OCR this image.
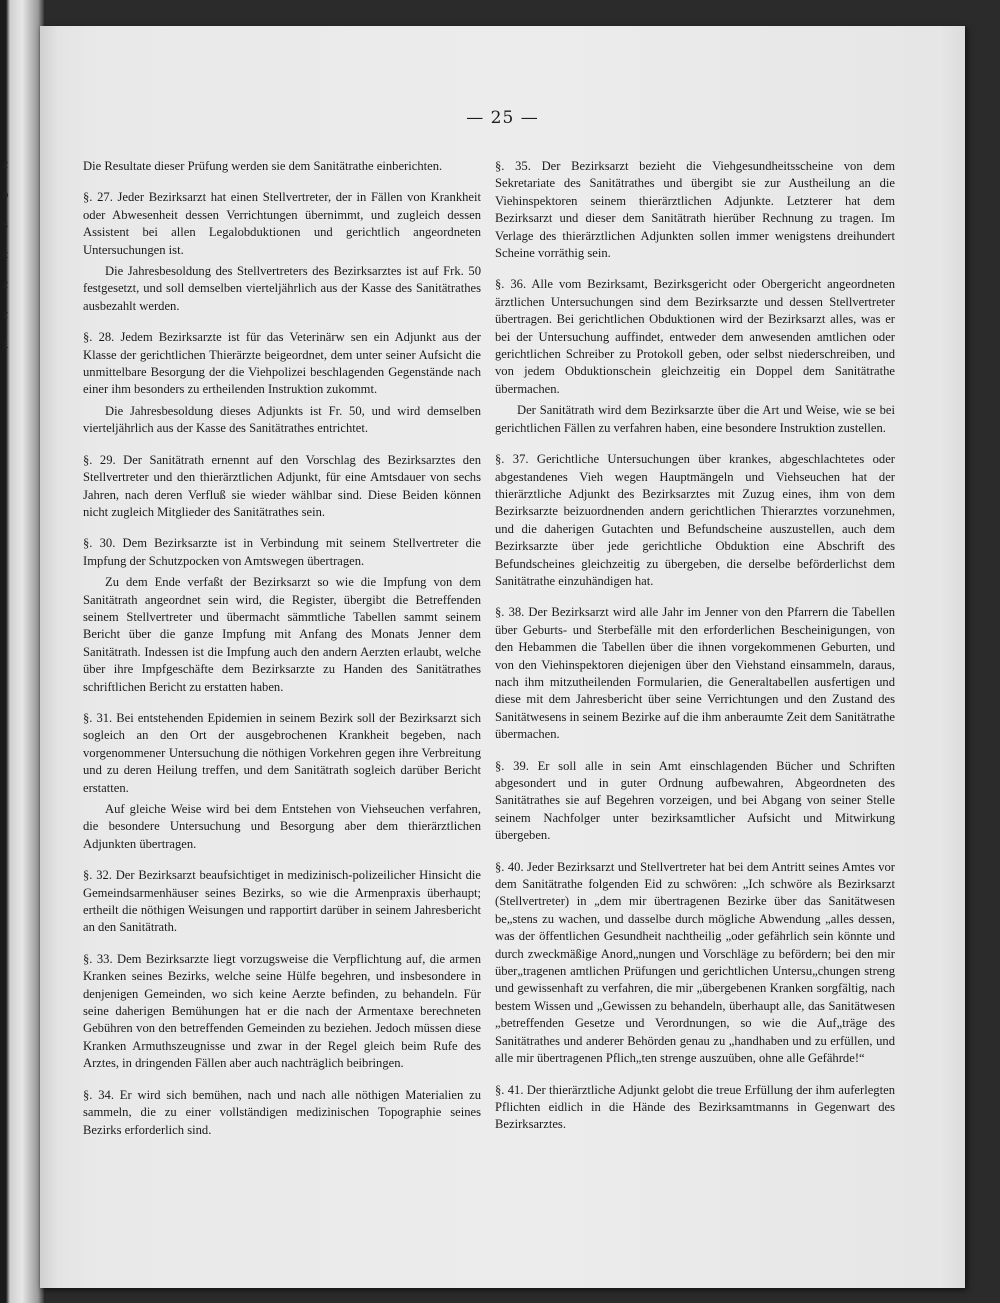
z
o
s
c
z
z
i
— 25 —

Die Resultate dieser Prüfung werden sie dem Sanitätrathe einberichten.

§. 27. Jeder Bezirksarzt hat einen Stellvertreter, der in Fällen von Krankheit oder Abwesenheit dessen Verrichtungen übernimmt, und zugleich dessen Assistent bei allen Legalobduktionen und gerichtlich angeordneten Untersuchungen ist.

Die Jahresbesoldung des Stellvertreters des Bezirksarztes ist auf Frk. 50 festgesetzt, und soll demselben vierteljährlich aus der Kasse des Sanitätrathes ausbezahlt werden.

§. 28. Jedem Bezirksarzte ist für das Veterinärw sen ein Adjunkt aus der Klasse der gerichtlichen Thierärzte beigeordnet, dem unter seiner Aufsicht die unmittelbare Besorgung der die Viehpolizei beschlagenden Gegenstände nach einer ihm besonders zu ertheilenden Instruktion zukommt.

Die Jahresbesoldung dieses Adjunkts ist Fr. 50, und wird demselben vierteljährlich aus der Kasse des Sanitätrathes entrichtet.

§. 29. Der Sanitätrath ernennt auf den Vorschlag des Bezirksarztes den Stellvertreter und den thierärztlichen Adjunkt, für eine Amtsdauer von sechs Jahren, nach deren Verfluß sie wieder wählbar sind. Diese Beiden können nicht zugleich Mitglieder des Sanitätrathes sein.

§. 30. Dem Bezirksarzte ist in Verbindung mit seinem Stellvertreter die Impfung der Schutzpocken von Amtswegen übertragen.

Zu dem Ende verfaßt der Bezirksarzt so wie die Impfung von dem Sanitätrath angeordnet sein wird, die Register, übergibt die Betreffenden seinem Stellvertreter und übermacht sämmtliche Tabellen sammt seinem Bericht über die ganze Impfung mit Anfang des Monats Jenner dem Sanitätrath. Indessen ist die Impfung auch den andern Aerzten erlaubt, welche über ihre Impfgeschäfte dem Bezirksarzte zu Handen des Sanitätrathes schriftlichen Bericht zu erstatten haben.

§. 31. Bei entstehenden Epidemien in seinem Bezirk soll der Bezirksarzt sich sogleich an den Ort der ausgebrochenen Krankheit begeben, nach vorgenommener Untersuchung die nöthigen Vorkehren gegen ihre Verbreitung und zu deren Heilung treffen, und dem Sanitätrath sogleich darüber Bericht erstatten.

Auf gleiche Weise wird bei dem Entstehen von Viehseuchen verfahren, die besondere Untersuchung und Besorgung aber dem thierärztlichen Adjunkten übertragen.

§. 32. Der Bezirksarzt beaufsichtiget in medizinisch-polizeilicher Hinsicht die Gemeindsarmenhäuser seines Bezirks, so wie die Armenpraxis überhaupt; ertheilt die nöthigen Weisungen und rapportirt darüber in seinem Jahresbericht an den Sanitätrath.

§. 33. Dem Bezirksarzte liegt vorzugsweise die Verpflichtung auf, die armen Kranken seines Bezirks, welche seine Hülfe begehren, und insbesondere in denjenigen Gemeinden, wo sich keine Aerzte befinden, zu behandeln. Für seine daherigen Bemühungen hat er die nach der Armentaxe berechneten Gebühren von den betreffenden Gemeinden zu beziehen. Jedoch müssen diese Kranken Armuthszeugnisse und zwar in der Regel gleich beim Rufe des Arztes, in dringenden Fällen aber auch nachträglich beibringen.

§. 34. Er wird sich bemühen, nach und nach alle nöthigen Materialien zu sammeln, die zu einer vollständigen medizinischen Topographie seines Bezirks erforderlich sind.

§. 35. Der Bezirksarzt bezieht die Viehgesundheitsscheine von dem Sekretariate des Sanitätrathes und übergibt sie zur Austheilung an die Viehinspektoren seinem thierärztlichen Adjunkte. Letzterer hat dem Bezirksarzt und dieser dem Sanitätrath hierüber Rechnung zu tragen. Im Verlage des thierärztlichen Adjunkten sollen immer wenigstens dreihundert Scheine vorräthig sein.

§. 36. Alle vom Bezirksamt, Bezirksgericht oder Obergericht angeordneten ärztlichen Untersuchungen sind dem Bezirksarzte und dessen Stellvertreter übertragen. Bei gerichtlichen Obduktionen wird der Bezirksarzt alles, was er bei der Untersuchung auffindet, entweder dem anwesenden amtlichen oder gerichtlichen Schreiber zu Protokoll geben, oder selbst niederschreiben, und von jedem Obduktionschein gleichzeitig ein Doppel dem Sanitätrathe übermachen.

Der Sanitätrath wird dem Bezirksarzte über die Art und Weise, wie se bei gerichtlichen Fällen zu verfahren haben, eine besondere Instruktion zustellen.

§. 37. Gerichtliche Untersuchungen über krankes, abgeschlachtetes oder abgestandenes Vieh wegen Hauptmängeln und Viehseuchen hat der thierärztliche Adjunkt des Bezirksarztes mit Zuzug eines, ihm von dem Bezirksarzte beizuordnenden andern gerichtlichen Thierarztes vorzunehmen, und die daherigen Gutachten und Befundscheine auszustellen, auch dem Bezirksarzte über jede gerichtliche Obduktion eine Abschrift des Befundscheines gleichzeitig zu übergeben, die derselbe beförderlichst dem Sanitätrathe einzuhändigen hat.

§. 38. Der Bezirksarzt wird alle Jahr im Jenner von den Pfarrern die Tabellen über Geburts- und Sterbefälle mit den erforderlichen Bescheinigungen, von den Hebammen die Tabellen über die ihnen vorgekommenen Geburten, und von den Viehinspektoren diejenigen über den Viehstand einsammeln, daraus, nach ihm mitzutheilenden Formularien, die Generaltabellen ausfertigen und diese mit dem Jahresbericht über seine Verrichtungen und den Zustand des Sanitätwesens in seinem Bezirke auf die ihm anberaumte Zeit dem Sanitätrathe übermachen.

§. 39. Er soll alle in sein Amt einschlagenden Bücher und Schriften abgesondert und in guter Ordnung aufbewahren, Abgeordneten des Sanitätrathes sie auf Begehren vorzeigen, und bei Abgang von seiner Stelle seinem Nachfolger unter bezirksamtlicher Aufsicht und Mitwirkung übergeben.

§. 40. Jeder Bezirksarzt und Stellvertreter hat bei dem Antritt seines Amtes vor dem Sanitätrathe folgenden Eid zu schwören: „Ich schwöre als Bezirksarzt (Stellvertreter) in „dem mir übertragenen Bezirke über das Sanitätwesen be„stens zu wachen, und dasselbe durch mögliche Abwendung „alles dessen, was der öffentlichen Gesundheit nachtheilig „oder gefährlich sein könnte und durch zweckmäßige Anord„nungen und Vorschläge zu befördern; bei den mir über„tragenen amtlichen Prüfungen und gerichtlichen Untersu„chungen streng und gewissenhaft zu verfahren, die mir „übergebenen Kranken sorgfältig, nach bestem Wissen und „Gewissen zu behandeln, überhaupt alle, das Sanitätwesen „betreffenden Gesetze und Verordnungen, so wie die Auf„träge des Sanitätrathes und anderer Behörden genau zu „handhaben und zu erfüllen, und alle mir übertragenen Pflich„ten strenge auszuüben, ohne alle Gefährde!“

§. 41. Der thierärztliche Adjunkt gelobt die treue Erfüllung der ihm auferlegten Pflichten eidlich in die Hände des Bezirksamtmanns in Gegenwart des Bezirksarztes.
